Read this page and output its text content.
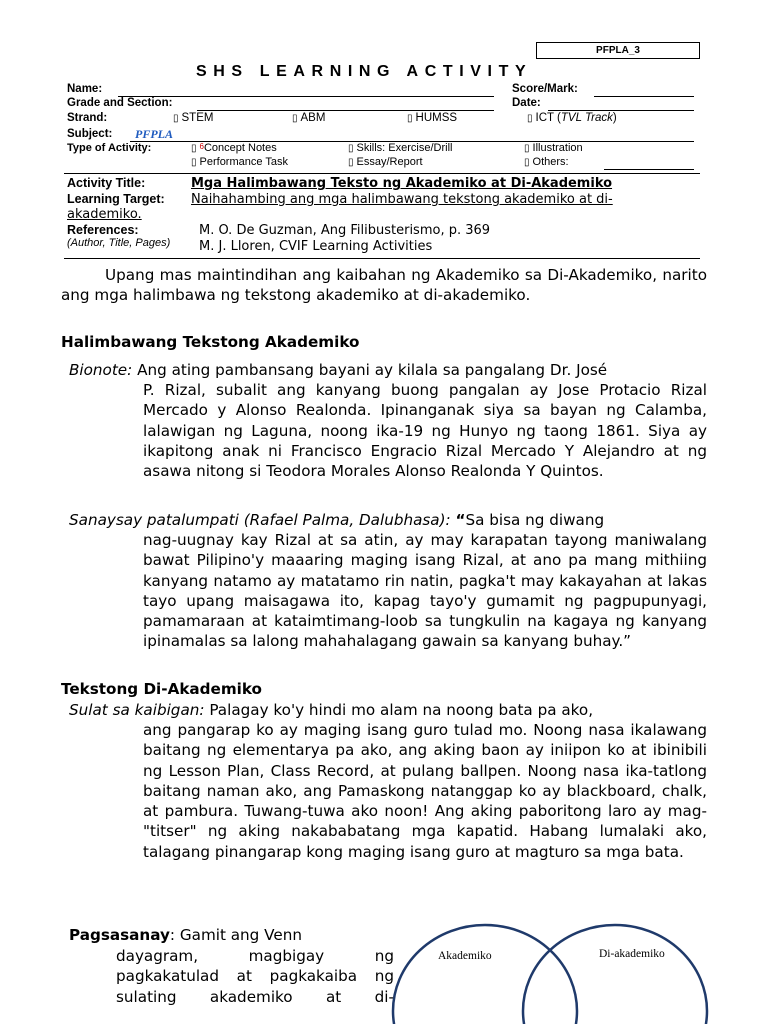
PFPLA_3
SHS LEARNING ACTIVITY
Name:	Score/Mark:
Grade and Section:	Date:
Strand:	▯ STEM	▯ ABM	▯ HUMSS	▯ ICT (TVL Track)
Subject: PFPLA
Type of Activity:	▯ $^6$Concept Notes	▯ Skills: Exercise/Drill	▯ Illustration
▯ Performance Task	▯ Essay/Report	▯ Others:
Activity Title:	Mga Halimbawang Teksto ng Akademiko at Di-Akademiko
Learning Target: Naihahambing ang mga halimbawang tekstong akademiko at di-
akademiko.
References:
(Author, Title, Pages)
M. O. De Guzman, Ang Filibusterismo, p. 369
M. J. Lloren, CVIF Learning Activities
Upang mas maintindihan ang kaibahan ng Akademiko sa Di-Akademiko, narito ang mga halimbawa ng tekstong akademiko at di-akademiko.
Halimbawang Tekstong Akademiko
Bionote: Ang ating pambansang bayani ay kilala sa pangalang Dr. José
P. Rizal, subalit ang kanyang buong pangalan ay Jose Protacio Rizal Mercado y Alonso Realonda. Ipinanganak siya sa bayan ng Calamba, lalawigan ng Laguna, noong ika-19 ng Hunyo ng taong 1861. Siya ay ikapitong anak ni Francisco Engracio Rizal Mercado Y Alejandro at ng asawa nitong si Teodora Morales Alonso Realonda Y Quintos.
Sanaysay patalumpati (Rafael Palma, Dalubhasa): “Sa bisa ng diwang
nag-uugnay kay Rizal at sa atin, ay may karapatan tayong maniwalang bawat Pilipino'y maaaring maging isang Rizal, at ano pa mang mithiing kanyang natamo ay matatamo rin natin, pagka't may kakayahan at lakas tayo upang maisagawa ito, kapag tayo'y gumamit ng pagpupunyagi, pamamaraan at kataimtimang-loob sa tungkulin na kagaya ng kanyang ipinamalas sa lalong mahahalagang gawain sa kanyang buhay.”
Tekstong Di-Akademiko
Sulat sa kaibigan: Palagay ko'y hindi mo alam na noong bata pa ako,
ang pangarap ko ay maging isang guro tulad mo. Noong nasa ikalawang baitang ng elementarya pa ako, ang aking baon ay iniipon ko at ibinibili ng Lesson Plan, Class Record, at pulang ballpen. Noong nasa ika-tatlong baitang naman ako, ang Pamaskong natanggap ko ay blackboard, chalk, at pambura. Tuwang-tuwa ako noon! Ang aking paboritong laro ay mag-"titser" ng aking nakababatang mga kapatid. Habang lumalaki ako, talagang pinangarap kong maging isang guro at magturo sa mga bata.
Pagsasanay: Gamit ang Venn
dayagram, magbigay ng pagkakatulad at pagkakaiba ng sulating akademiko at di-
Akademiko	Di-akademiko
